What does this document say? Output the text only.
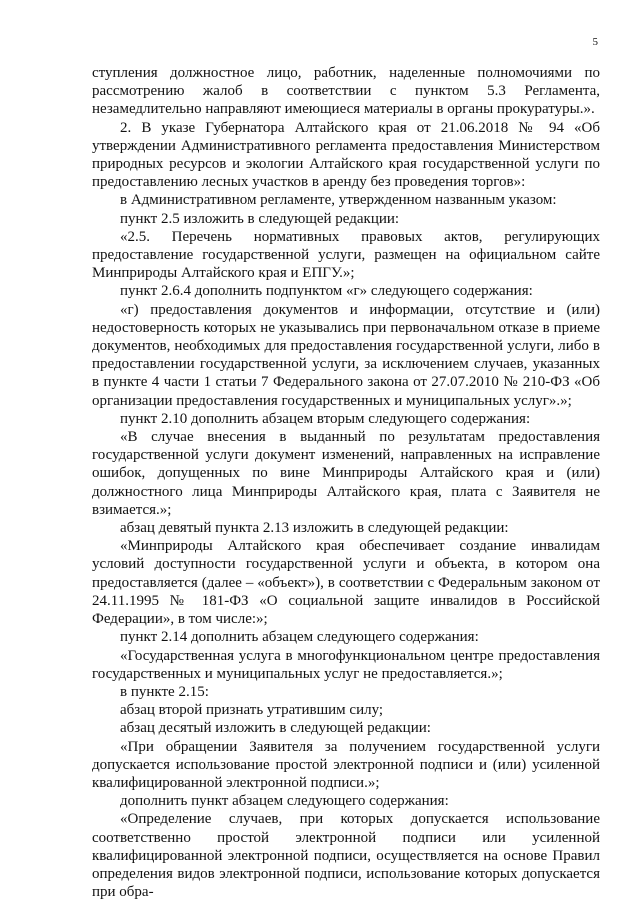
5

ступления должностное лицо, работник, наделенные полномочиями по рассмотрению жалоб в соответствии с пунктом 5.3 Регламента, незамедлительно направляют имеющиеся материалы в органы прокуратуры.».

2. В указе Губернатора Алтайского края от 21.06.2018 № 94 «Об утверждении Административного регламента предоставления Министерством природных ресурсов и экологии Алтайского края государственной услуги по предоставлению лесных участков в аренду без проведения торгов»:

в Административном регламенте, утвержденном названным указом:

пункт 2.5 изложить в следующей редакции:

«2.5. Перечень нормативных правовых актов, регулирующих предоставление государственной услуги, размещен на официальном сайте Минприроды Алтайского края и ЕПГУ.»;

пункт 2.6.4 дополнить подпунктом «г» следующего содержания:

«г) предоставления документов и информации, отсутствие и (или) недостоверность которых не указывались при первоначальном отказе в приеме документов, необходимых для предоставления государственной услуги, либо в предоставлении государственной услуги, за исключением случаев, указанных в пункте 4 части 1 статьи 7 Федерального закона от 27.07.2010 № 210-ФЗ «Об организации предоставления государственных и муниципальных услуг».»;

пункт 2.10 дополнить абзацем вторым следующего содержания:

«В случае внесения в выданный по результатам предоставления государственной услуги документ изменений, направленных на исправление ошибок, допущенных по вине Минприроды Алтайского края и (или) должностного лица Минприроды Алтайского края, плата с Заявителя не взимается.»;

абзац девятый пункта 2.13 изложить в следующей редакции:

«Минприроды Алтайского края обеспечивает создание инвалидам условий доступности государственной услуги и объекта, в котором она предоставляется (далее – «объект»), в соответствии с Федеральным законом от 24.11.1995 № 181-ФЗ «О социальной защите инвалидов в Российской Федерации», в том числе:»;

пункт 2.14 дополнить абзацем следующего содержания:

«Государственная услуга в многофункциональном центре предоставления государственных и муниципальных услуг не предоставляется.»;

в пункте 2.15:

абзац второй признать утратившим силу;

абзац десятый изложить в следующей редакции:

«При обращении Заявителя за получением государственной услуги допускается использование простой электронной подписи и (или) усиленной квалифицированной электронной подписи.»;

дополнить пункт абзацем следующего содержания:

«Определение случаев, при которых допускается использование соответственно простой электронной подписи или усиленной квалифицированной электронной подписи, осуществляется на основе Правил определения видов электронной подписи, использование которых допускается при обра-
